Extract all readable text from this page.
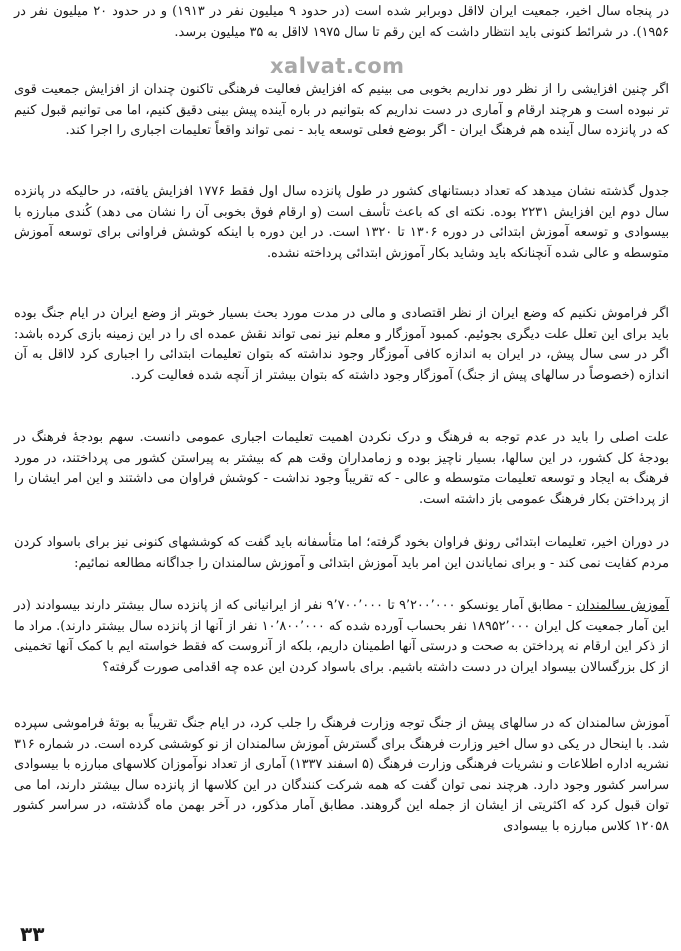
در پنجاه سال اخیر، جمعیت ایران لااقل دوبرابر شده است (در حدود ۹ میلیون نفر در ۱۹۱۳) و در حدود ۲۰ میلیون نفر در ۱۹۵۶). در شرائط کنونی باید انتظار داشت که این رقم تا سال ۱۹۷۵ لااقل به ۳۵ میلیون برسد.

اگر چنین افزایشی را از نظر دور نداریم بخوبی می بینیم که افزایش فعالیت فرهنگی تاکنون چندان از افزایش جمعیت قوی تر نبوده است و هرچند ارقام و آماری در دست نداریم که بتوانیم در باره آینده پیش بینی دقیق کنیم، اما می توانیم قبول کنیم که در پانزده سال آینده هم فرهنگ ایران - اگر بوضع فعلی توسعه یابد - نمی تواند واقعاً تعلیمات اجباری را اجرا کند.

جدول گذشته نشان میدهد که تعداد دبستانهای کشور در طول پانزده سال اول فقط ۱۷۷۶ افزایش یافته، در حالیکه در پانزده سال دوم این افزایش ۲۲۳۱ بوده. نکته ای که باعث تأسف است (و ارقام فوق بخوبی آن را نشان می دهد) کُندی مبارزه با بیسوادی و توسعه آموزش ابتدائی در دوره ۱۳۰۶ تا ۱۳۲۰ است. در این دوره با اینکه کوشش فراوانی برای توسعه آموزش متوسطه و عالی شده آنچنانکه باید وشاید بکار آموزش ابتدائی پرداخته نشده.

اگر فراموش نکنیم که وضع ایران از نظر اقتصادی و مالی در مدت مورد بحث بسیار خوبتر از وضع ایران در ایام جنگ بوده باید برای این تعلل علت دیگری بجوئیم. کمبود آموزگار و معلم نیز نمی تواند نقش عمده ای را در این زمینه بازی کرده باشد: اگر در سی سال پیش، در ایران به اندازه کافی آموزگار وجود نداشته که بتوان تعلیمات ابتدائی را اجباری کرد لااقل به آن اندازه (خصوصاً در سالهای پیش از جنگ) آموزگار وجود داشته که بتوان بیشتر از آنچه شده فعالیت کرد.

علت اصلی را باید در عدم توجه به فرهنگ و درک نکردن اهمیت تعلیمات اجباری عمومی دانست. سهم بودجهٔ فرهنگ در بودجهٔ کل کشور، در این سالها، بسیار ناچیز بوده و زمامداران وقت هم که بیشتر به پیراستن کشور می پرداختند، در مورد فرهنگ به ایجاد و توسعه تعلیمات متوسطه و عالی - که تقریباً وجود نداشت - کوشش فراوان می داشتند و این امر ایشان را از پرداختن بکار فرهنگ عمومی باز داشته است.

در دوران اخیر، تعلیمات ابتدائی رونق فراوان بخود گرفته؛ اما متأسفانه باید گفت که کوششهای کنونی نیز برای باسواد کردن مردم کفایت نمی کند - و برای نمایاندن این امر باید آموزش ابتدائی و آموزش سالمندان را جداگانه مطالعه نمائیم:

آموزش سالمندان - مطابق آمار یونسکو ۹٬۲۰۰٬۰۰۰ تا ۹٬۷۰۰٬۰۰۰ نفر از ایرانیانی که از پانزده سال بیشتر دارند بیسوادند (در این آمار جمعیت کل ایران ۱۸۹۵۲٬۰۰۰ نفر بحساب آورده شده که ۱۰٬۸۰۰٬۰۰۰ نفر از آنها از پانزده سال بیشتر دارند). مراد ما از ذکر این ارقام نه پرداختن به صحت و درستی آنها اطمینان داریم، بلکه از آنروست که فقط خواسته ایم با کمک آنها تخمینی از کل بزرگسالان بیسواد ایران در دست داشته باشیم. برای باسواد کردن این عده چه اقدامی صورت گرفته؟

آموزش سالمندان که در سالهای پیش از جنگ توجه وزارت فرهنگ را جلب کرد، در ایام جنگ تقریباً به بوتهٔ فراموشی سپرده شد. با اینحال در یکی دو سال اخیر وزارت فرهنگ برای گسترش آموزش سالمندان از نو کوششی کرده است. در شماره ۳۱۶ نشریه اداره اطلاعات و نشریات فرهنگی وزارت فرهنگ (۵ اسفند ۱۳۳۷) آماری از تعداد نوآموزان کلاسهای مبارزه با بیسوادی سراسر کشور وجود دارد. هرچند نمی توان گفت که همه شرکت کنندگان در این کلاسها از پانزده سال بیشتر دارند، اما می توان قبول کرد که اکثریتی از ایشان از جمله این گروهند. مطابق آمار مذکور، در آخر بهمن ماه گذشته، در سراسر کشور ۱۲۰۵۸ کلاس مبارزه با بیسوادی

xalvat.com
۳۳
